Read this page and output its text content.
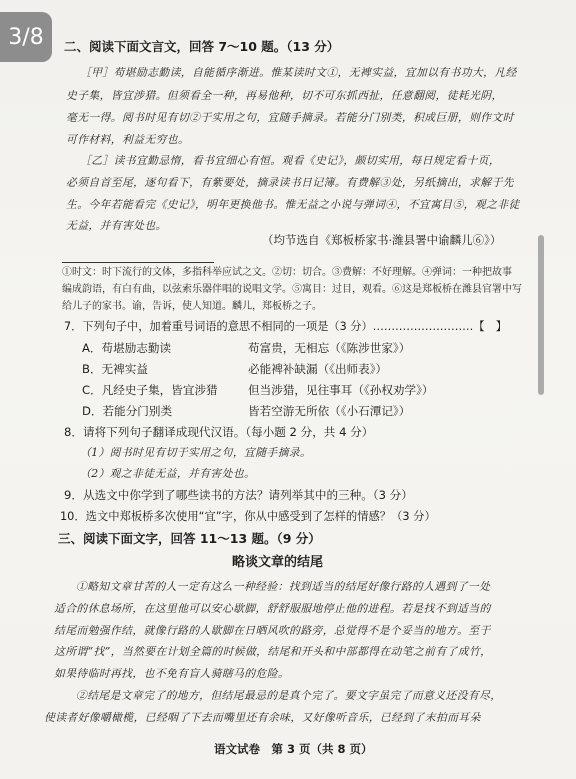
3/8	二、阅读下面文言文，回答 7～10 题。（13 分）
［甲］苟堪励志勤读，自能循序渐进。惟某读时文①，无裨实益，宜加以有书功大，凡经
史子集，皆宜涉猎。但须看全一种，再易他种，切不可东抓西扯，任意翻阅，徒耗光阴，
毫无一得。阅书时见有切②于实用之句，宜随手摘录。若能分门别类，积成巨册，则作文时
可作材料，利益无穷也。
［乙］读书宜勤忌惰，看书宜细心有恒。观看《史记》，颇切实用，每日规定看十页，
必须自首至尾，逐句看下，有紫要处，摘录读书日记簿。有费解③处，另纸摘出，求解于先
生。今年若能看完《史记》，明年更换他书。惟无益之小说与弹词④，不宜寓目⑤，观之非徒
无益，并有害处也。
（均节选自《郑板桥家书·潍县署中谕麟儿⑥》）
①时文：时下流行的文体，多指科举应试之文。②切：切合。③费解：不好理解。④弹词：一种把故事
编成韵语，有白有曲，以弦索乐器伴唱的说唱文学。⑤寓目：过目，观看。⑥这是郑板桥在潍县官署中写
给儿子的家书。谕，告诉，使人知道。麟儿，郑板桥之子。
7．下列句子中，加着重号词语的意思不相同的一项是（3 分）………………………【　】
A．苟堪励志勤读	苟富贵，无相忘（《陈涉世家》）
B．无裨实益	必能裨补缺漏（《出师表》）
C．凡经史子集，皆宜涉猎	但当涉猎，见往事耳（《孙权劝学》）
D．若能分门别类	皆若空游无所依（《小石潭记》）
8．请将下列句子翻译成现代汉语。（每小题 2 分，共 4 分）
（1）阅书时见有切于实用之句，宜随手摘录。
（2）观之非徒无益，并有害处也。
9．从选文中你学到了哪些读书的方法？请列举其中的三种。（3 分）
10．选文中郑板桥多次使用“宜”字，你从中感受到了怎样的情感？（3 分）
三、阅读下面文字，回答 11～13 题。（9 分）
略谈文章的结尾
①略知文章甘苦的人一定有这么一种经验：找到适当的结尾好像行路的人遇到了一处
适合的休息场所，在这里他可以安心歇脚，舒舒服服地停止他的进程。若是找不到适当的
结尾而勉强作结，就像行路的人歇脚在日晒风吹的路旁，总觉得不是个妥当的地方。至于
这所谓“找”，当然要在计划全篇的时候做，结尾和开头和中部都得在动笔之前有了成竹，
如果待临时再找，也不免有盲人骑瞎马的危险。
②结尾是文章完了的地方，但结尾最忌的是真个完了。要文字虽完了而意义还没有尽，
使读者好像嚼橄榄，已经咽了下去而嘴里还有余味，又好像听音乐，已经到了末拍而耳朵
语文试卷　第 3 页（共 8 页）
